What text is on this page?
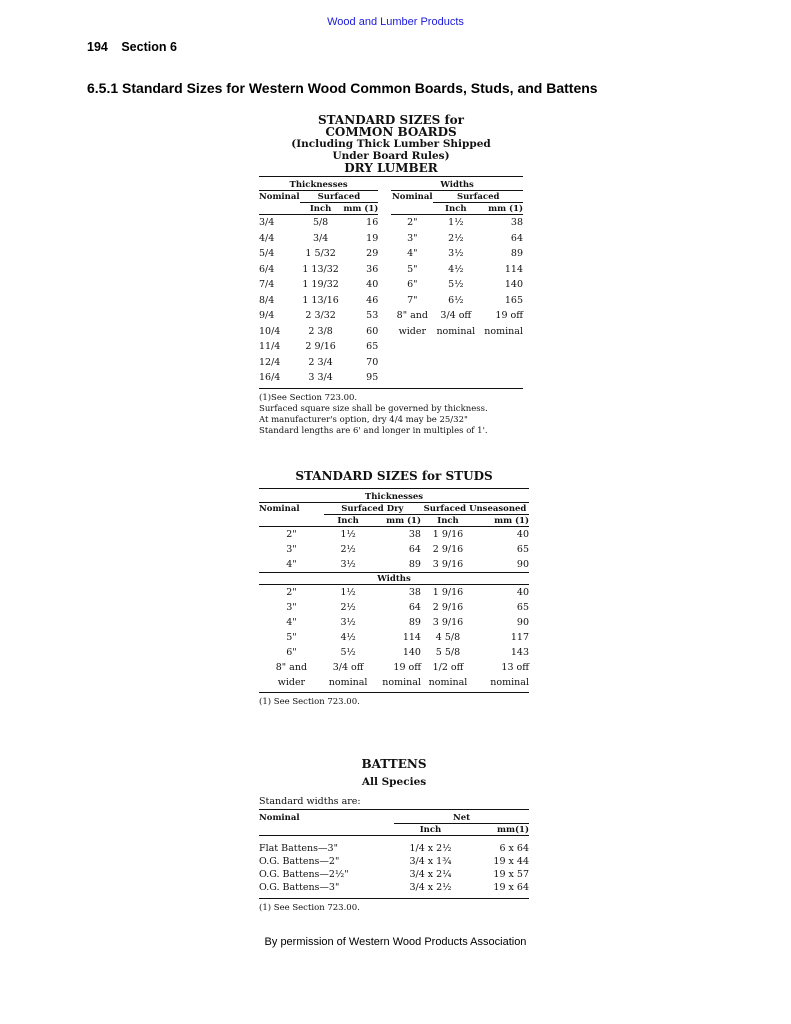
Wood and Lumber Products
194 Section 6
6.5.1 Standard Sizes for Western Wood Common Boards, Studs, and Battens
STANDARD SIZES for
COMMON BOARDS
(Including Thick Lumber Shipped
Under Board Rules)
DRY LUMBER
Thicknesses				Widths		
Nominal	Surfaced			Nominal	Surfaced	
	Inch	mm (1)			Inch	mm (1)
3/4	5/8	16		2"	1½	38
4/4	3/4	19		3"	2½	64
5/4	1 5/32	29		4"	3½	89
6/4	1 13/32	36		5"	4½	114
7/4	1 19/32	40		6"	5½	140
8/4	1 13/16	46		7"	6½	165
9/4	2 3/32	53		8" and	3/4 off	19 off
10/4	2 3/8	60		wider	nominal	nominal
11/4	2 9/16	65				
12/4	2 3/4	70				
16/4	3 3/4	95				
(1)See Section 723.00.
Surfaced square size shall be governed by thickness.
At manufacturer's option, dry 4/4 may be 25/32"
Standard lengths are 6' and longer in multiples of 1'.
STANDARD SIZES for STUDS
Thicknesses				
Nominal	Surfaced Dry		Surfaced Unseasoned	
	Inch	mm (1)	Inch	mm (1)
2"	1½	38	1 9/16	40
3"	2½	64	2 9/16	65
4"	3½	89	3 9/16	90
Widths				
2"	1½	38	1 9/16	40
3"	2½	64	2 9/16	65
4"	3½	89	3 9/16	90
5"	4½	114	4 5/8	117
6"	5½	140	5 5/8	143
8" and	3/4 off	19 off	1/2 off	13 off
wider	nominal	nominal	nominal	nominal
(1) See Section 723.00.
BATTENS
All Species
Standard widths are:
Nominal	Net	
	Inch	mm(1)

Flat Battens—3"	1/4 x 2½	6 x 64
O.G. Battens—2"	3/4 x 1¾	19 x 44
O.G. Battens—2½"	3/4 x 2¼	19 x 57
O.G. Battens—3"	3/4 x 2½	19 x 64
(1) See Section 723.00.
By permission of Western Wood Products Association
